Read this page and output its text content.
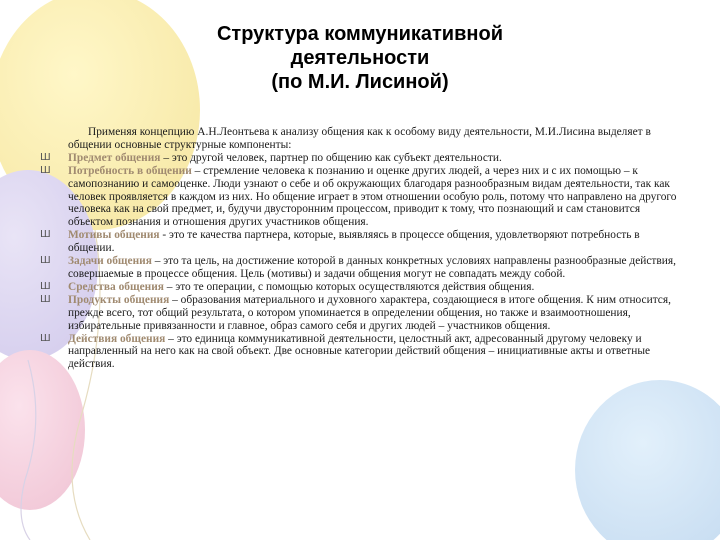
Структура коммуникативной
деятельности
(по М.И. Лисиной)

Применяя концепцию А.Н.Леонтьева к анализу общения как к особому виду деятельности, М.И.Лисина выделяет в общении основные структурные компоненты:

Ш Предмет общения – это другой человек, партнер по общению как субъект деятельности.

Ш Потребность в общении – стремление человека к познанию и оценке других людей, а через них и с их помощью – к самопознанию и самооценке. Люди узнают о себе и об окружающих благодаря разнообразным видам деятельности, так как человек проявляется в каждом из них. Но общение играет в этом отношении особую роль, потому что направлено на другого человека как на свой предмет, и, будучи двусторонним процессом, приводит к тому, что познающий и сам становится объектом познания и отношения других участников общения.

Ш Мотивы общения - это те качества партнера, которые, выявляясь в процессе общения, удовлетворяют потребность в общении.

Ш Задачи общения – это та цель, на достижение которой в данных конкретных условиях направлены разнообразные действия, совершаемые в процессе общения. Цель (мотивы) и задачи общения могут не совпадать между собой.

Ш Средства общения – это те операции, с помощью которых осуществляются действия общения.

Ш Продукты общения – образования материального и духовного характера, создающиеся в итоге общения. К ним относится, прежде всего, тот общий результата, о котором упоминается в определении общения, но также и взаимоотношения, избирательные привязанности и главное, образ самого себя и других людей – участников общения.

Ш Действия общения – это единица коммуникативной деятельности, целостный акт, адресованный другому человеку и направленный на него как на свой объект. Две основные категории действий общения – инициативные акты и ответные действия.
